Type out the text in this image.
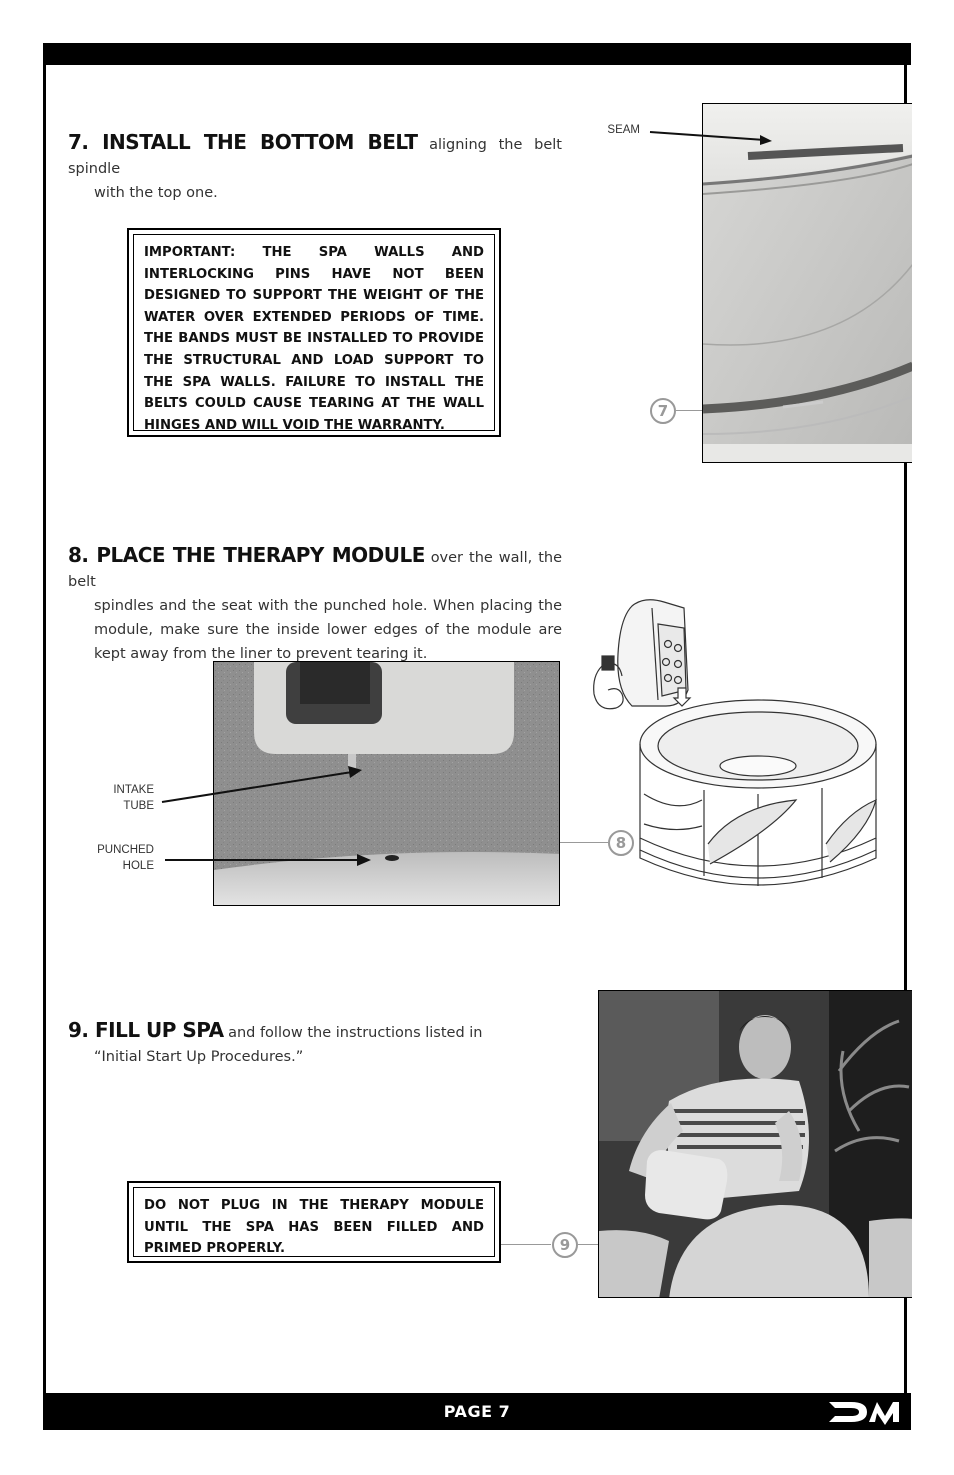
7. INSTALL THE BOTTOM BELT aligning the belt spindle
with the top one.
IMPORTANT: THE SPA WALLS AND INTERLOCKING PINS HAVE NOT BEEN DESIGNED TO SUPPORT THE WEIGHT OF THE WATER OVER EXTENDED PERIODS OF TIME. THE BANDS MUST BE INSTALLED TO PROVIDE THE STRUCTURAL AND LOAD SUPPORT TO THE SPA WALLS. FAILURE TO INSTALL THE BELTS COULD CAUSE TEARING AT THE WALL HINGES AND WILL VOID THE WARRANTY.
SEAM
7
8. PLACE THE THERAPY MODULE over the wall, the belt
spindles and the seat with the punched hole. When placing the module, make sure the inside lower edges of the module are kept away from the liner to prevent tearing it.
INTAKE
TUBE
PUNCHED
HOLE
8
9. FILL UP SPA and follow the instructions listed in
“Initial Start Up Procedures.”
DO NOT PLUG IN THE THERAPY MODULE UNTIL THE SPA HAS BEEN FILLED AND PRIMED PROPERLY.	9
PAGE 7
